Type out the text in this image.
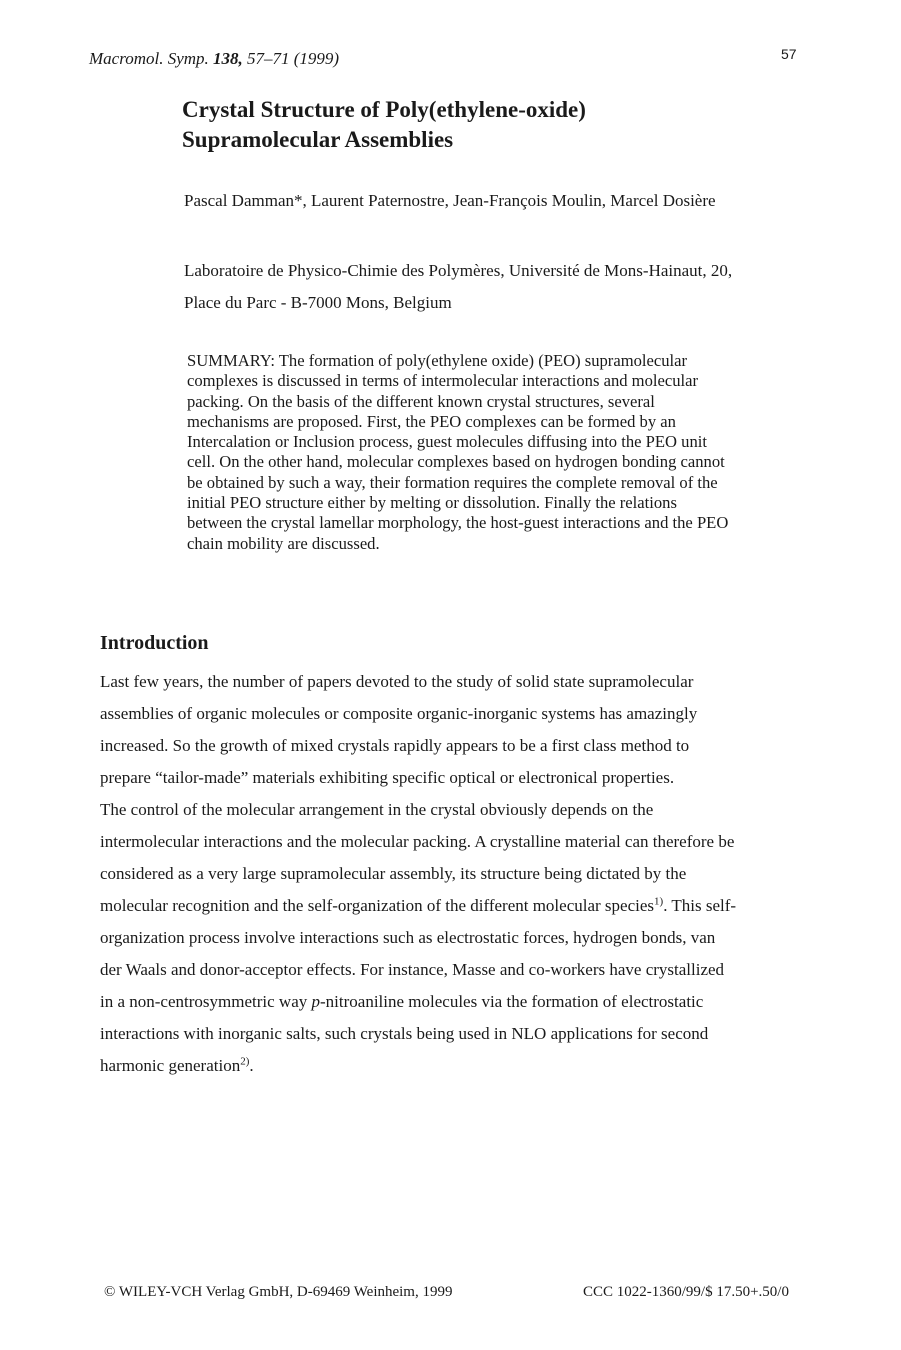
Macromol. Symp. 138, 57–71 (1999)	57
Crystal Structure of Poly(ethylene-oxide)
Supramolecular Assemblies
Pascal Damman*, Laurent Paternostre, Jean-François Moulin, Marcel Dosière
Laboratoire de Physico-Chimie des Polymères, Université de Mons-Hainaut, 20,
Place du Parc - B-7000 Mons, Belgium
SUMMARY: The formation of poly(ethylene oxide) (PEO) supramolecular
complexes is discussed in terms of intermolecular interactions and molecular
packing. On the basis of the different known crystal structures, several
mechanisms are proposed. First, the PEO complexes can be formed by an
Intercalation or Inclusion process, guest molecules diffusing into the PEO unit
cell. On the other hand, molecular complexes based on hydrogen bonding cannot
be obtained by such a way, their formation requires the complete removal of the
initial PEO structure either by melting or dissolution. Finally the relations
between the crystal lamellar morphology, the host-guest interactions and the PEO
chain mobility are discussed.
Introduction
Last few years, the number of papers devoted to the study of solid state supramolecular
assemblies of organic molecules or composite organic-inorganic systems has amazingly
increased. So the growth of mixed crystals rapidly appears to be a first class method to
prepare “tailor-made” materials exhibiting specific optical or electronical properties.
The control of the molecular arrangement in the crystal obviously depends on the
intermolecular interactions and the molecular packing. A crystalline material can therefore be
considered as a very large supramolecular assembly, its structure being dictated by the
molecular recognition and the self-organization of the different molecular species$^{1)}$. This self-
organization process involve interactions such as electrostatic forces, hydrogen bonds, van
der Waals and donor-acceptor effects. For instance, Masse and co-workers have crystallized
in a non-centrosymmetric way p-nitroaniline molecules via the formation of electrostatic
interactions with inorganic salts, such crystals being used in NLO applications for second
harmonic generation$^{2)}$.
© WILEY-VCH Verlag GmbH, D-69469 Weinheim, 1999	CCC 1022-1360/99/$ 17.50+.50/0
